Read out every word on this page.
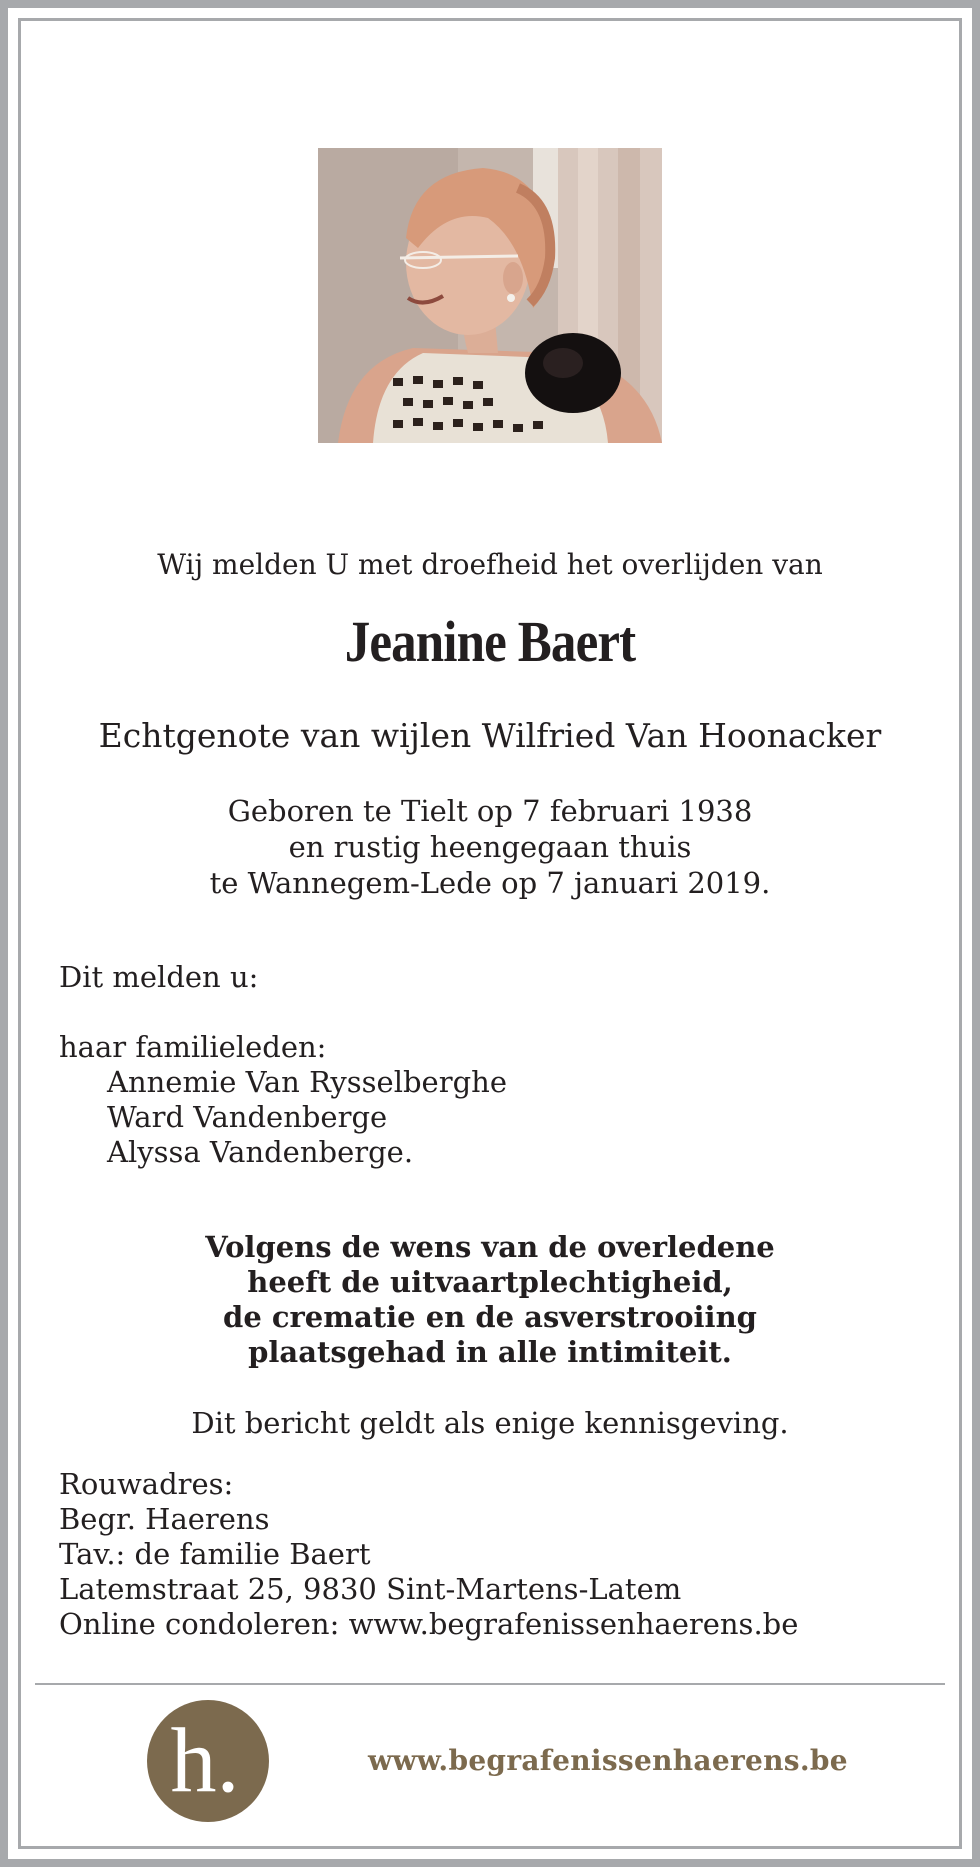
Wij melden U met droefheid het overlijden van
Jeanine Baert
Echtgenote van wijlen Wilfried Van Hoonacker
Geboren te Tielt op 7 februari 1938
en rustig heengegaan thuis
te Wannegem-Lede op 7 januari 2019.
Dit melden u:
haar familieleden:
Annemie Van Rysselberghe
Ward Vandenberge
Alyssa Vandenberge.
Volgens de wens van de overledene
heeft de uitvaartplechtigheid,
de crematie en de asverstrooiing
plaatsgehad in alle intimiteit.
Dit bericht geldt als enige kennisgeving.
Rouwadres:
Begr. Haerens
Tav.: de familie Baert
Latemstraat 25, 9830 Sint-Martens-Latem
Online condoleren: www.begrafenissenhaerens.be
h.	www.begrafenissenhaerens.be
